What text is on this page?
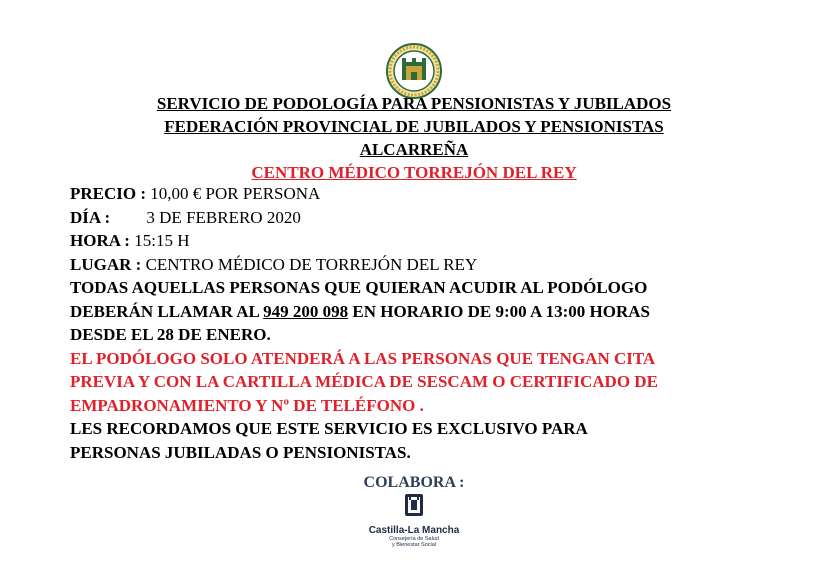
SERVICIO DE PODOLOGÍA PARA PENSIONISTAS Y JUBILADOS
FEDERACIÓN PROVINCIAL DE JUBILADOS Y PENSIONISTAS
ALCARREÑA
CENTRO MÉDICO TORREJÓN DEL REY
PRECIO : 10,00 € POR PERSONA
DÍA : 3 DE FEBRERO 2020
HORA : 15:15 H
LUGAR : CENTRO MÉDICO DE TORREJÓN DEL REY
TODAS AQUELLAS PERSONAS QUE QUIERAN ACUDIR AL PODÓLOGO
DEBERÁN LLAMAR AL 949 200 098 EN HORARIO DE 9:00 A 13:00 HORAS
DESDE EL 28 DE ENERO.
EL PODÓLOGO SOLO ATENDERÁ A LAS PERSONAS QUE TENGAN CITA
PREVIA Y CON LA CARTILLA MÉDICA DE SESCAM O CERTIFICADO DE
EMPADRONAMIENTO Y Nº DE TELÉFONO .
LES RECORDAMOS QUE ESTE SERVICIO ES EXCLUSIVO PARA
PERSONAS JUBILADAS O PENSIONISTAS.
COLABORA :
Castilla-La Mancha
Consejería de Salud
y Bienestar Social
